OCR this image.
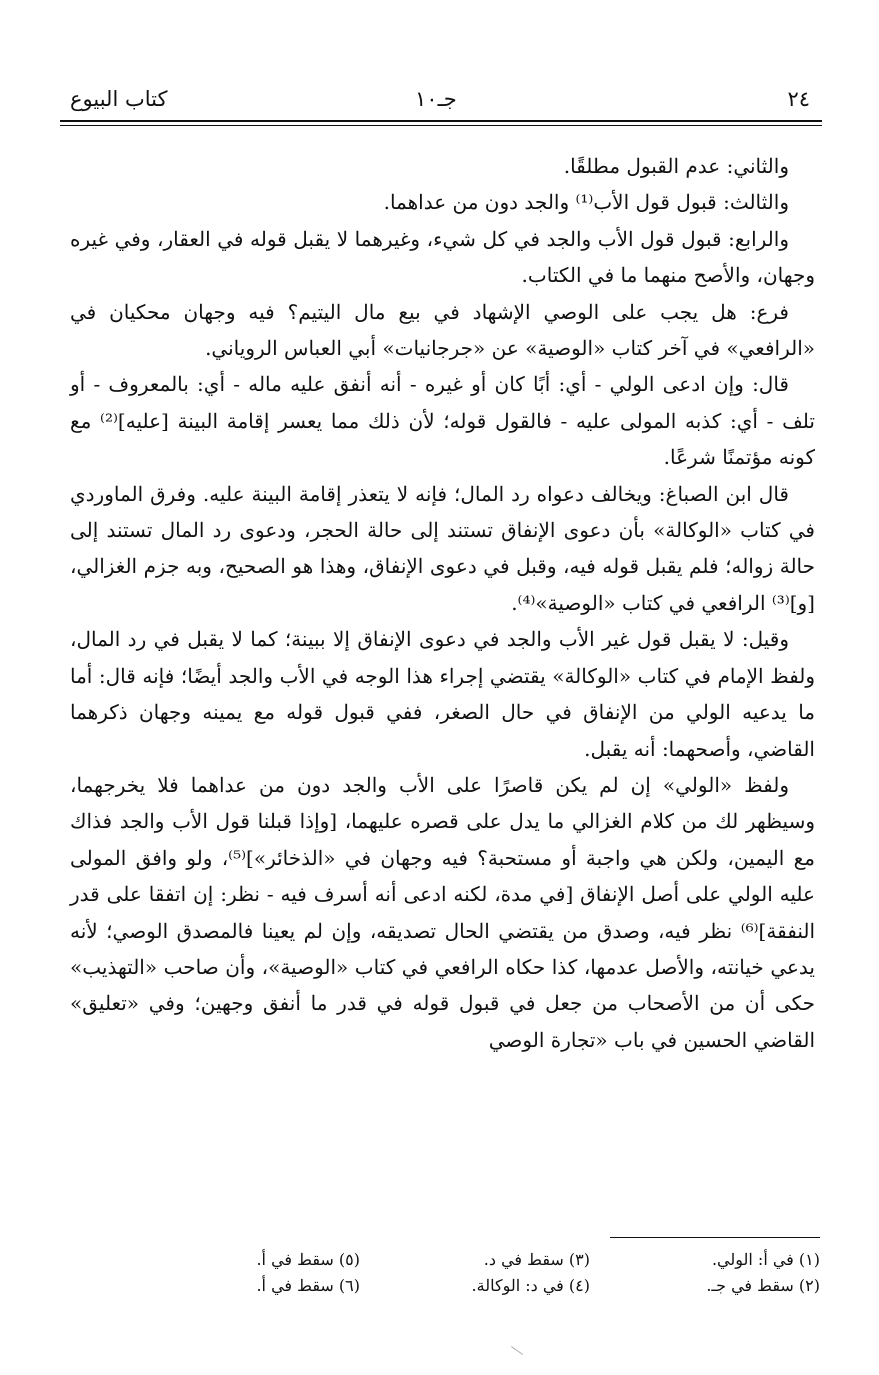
٢٤
جـ١٠
كتاب البيوع

والثاني: عدم القبول مطلقًا.

والثالث: قبول قول الأب⁽¹⁾ والجد دون من عداهما.

والرابع: قبول قول الأب والجد في كل شيء، وغيرهما لا يقبل قوله في العقار، وفي غيره وجهان، والأصح منهما ما في الكتاب.

فرع: هل يجب على الوصي الإشهاد في بيع مال اليتيم؟ فيه وجهان محكيان في «الرافعي» في آخر كتاب «الوصية» عن «جرجانيات» أبي العباس الروياني.

قال: وإن ادعى الولي - أي: أبًا كان أو غيره - أنه أنفق عليه ماله - أي: بالمعروف - أو تلف - أي: كذبه المولى عليه - فالقول قوله؛ لأن ذلك مما يعسر إقامة البينة [عليه]⁽²⁾ مع كونه مؤتمنًا شرعًا.

قال ابن الصباغ: ويخالف دعواه رد المال؛ فإنه لا يتعذر إقامة البينة عليه. وفرق الماوردي في كتاب «الوكالة» بأن دعوى الإنفاق تستند إلى حالة الحجر، ودعوى رد المال تستند إلى حالة زواله؛ فلم يقبل قوله فيه، وقبل في دعوى الإنفاق، وهذا هو الصحيح، وبه جزم الغزالي، [و]⁽³⁾ الرافعي في كتاب «الوصية»⁽⁴⁾.

وقيل: لا يقبل قول غير الأب والجد في دعوى الإنفاق إلا ببينة؛ كما لا يقبل في رد المال، ولفظ الإمام في كتاب «الوكالة» يقتضي إجراء هذا الوجه في الأب والجد أيضًا؛ فإنه قال: أما ما يدعيه الولي من الإنفاق في حال الصغر، ففي قبول قوله مع يمينه وجهان ذكرهما القاضي، وأصحهما: أنه يقبل.

ولفظ «الولي» إن لم يكن قاصرًا على الأب والجد دون من عداهما فلا يخرجهما، وسيظهر لك من كلام الغزالي ما يدل على قصره عليهما، [وإذا قبلنا قول الأب والجد فذاك مع اليمين، ولكن هي واجبة أو مستحبة؟ فيه وجهان في «الذخائر»]⁽⁵⁾، ولو وافق المولى عليه الولي على أصل الإنفاق [في مدة، لكنه ادعى أنه أسرف فيه - نظر: إن اتفقا على قدر النفقة]⁽⁶⁾ نظر فيه، وصدق من يقتضي الحال تصديقه، وإن لم يعينا فالمصدق الوصي؛ لأنه يدعي خيانته، والأصل عدمها، كذا حكاه الرافعي في كتاب «الوصية»، وأن صاحب «التهذيب» حكى أن من الأصحاب من جعل في قبول قوله في قدر ما أنفق وجهين؛ وفي «تعليق» القاضي الحسين في باب «تجارة الوصي

(١) في أ: الولي.
(٢) سقط في جـ.
(٣) سقط في د.
(٤) في د: الوكالة.
(٥) سقط في أ.
(٦) سقط في أ.
